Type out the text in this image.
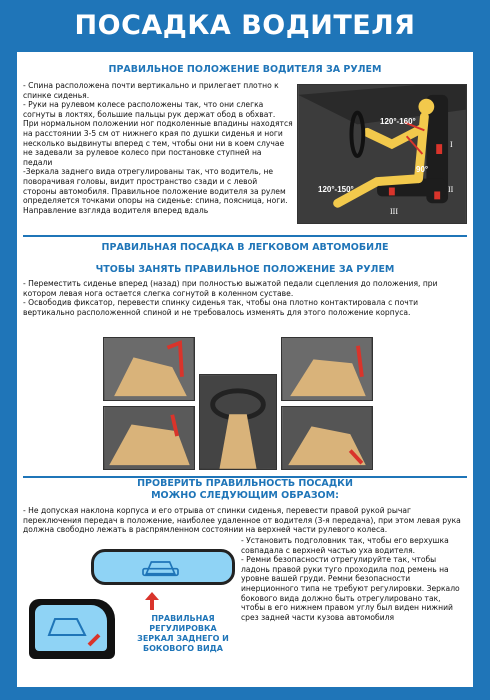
ПОСАДКА ВОДИТЕЛЯ
ПРАВИЛЬНОЕ ПОЛОЖЕНИЕ ВОДИТЕЛЯ ЗА РУЛЕМ

- Спина расположена почти вертикально и прилегает плотно к спинке сиденья.

- Руки на рулевом колесе расположены так, что они слегка согнуты в локтях, большие пальцы рук держат обод в обхват. При нормальном положении ног подколенные впадины находятся на расстоянии 3-5 см от нижнего края по душки сиденья и ноги несколько выдвинуты вперед с тем, чтобы они ни в коем случае не задевали за рулевое колесо при постановке ступней на педали

-Зеркала заднего вида отрегулированы так, что водитель, не поворачивая головы, видит пространство сзади и с левой стороны автомобиля. Правильное положение водителя за рулем определяется точками опоры на сиденье: спина, поясница, ноги. Направление взгляда водителя вперед вдаль

120°-160°
90°
120°-150°
I
II
III
ПРАВИЛЬНАЯ ПОСАДКА В ЛЕГКОВОМ АВТОМОБИЛЕ
ЧТОБЫ ЗАНЯТЬ ПРАВИЛЬНОЕ ПОЛОЖЕНИЕ ЗА РУЛЕМ

- Переместить сиденье вперед (назад) при полностью выжатой педали сцепления до положения, при котором левая нога остается слегка согнутой в коленном суставе.

- Освободив фиксатор, перевести спинку сиденья так, чтобы она плотно контактировала с почти вертикально расположенной спиной и не требовалось изменять для этого положение корпуса.

ПРОВЕРИТЬ ПРАВИЛЬНОСТЬ ПОСАДКИ
МОЖНО СЛЕДУЮЩИМ ОБРАЗОМ:
- Не допуская наклона корпуса и его отрыва от спинки сиденья, перевести правой рукой рычаг переключения передач в положение, наиболее удаленное от водителя (3-я передача), при этом левая рука должна свободно лежать в распрямленном состоянии на верхней части рулевого колеса.
- Установить подголовник так, чтобы его верхушка совпадала с верхней частью уха водителя.
- Ремни безопасности отрегулируйте так, чтобы ладонь правой руки туго проходила под ремень на уровне вашей груди. Ремни безопасности инерционного типа не требуют регулировки. Зеркало бокового вида должно быть отрегулировано так, чтобы в его нижнем правом углу был виден нижний срез задней части кузова автомобиля
ПРАВИЛЬНАЯ РЕГУЛИРОВКА ЗЕРКАЛ ЗАДНЕГО И БОКОВОГО ВИДА
